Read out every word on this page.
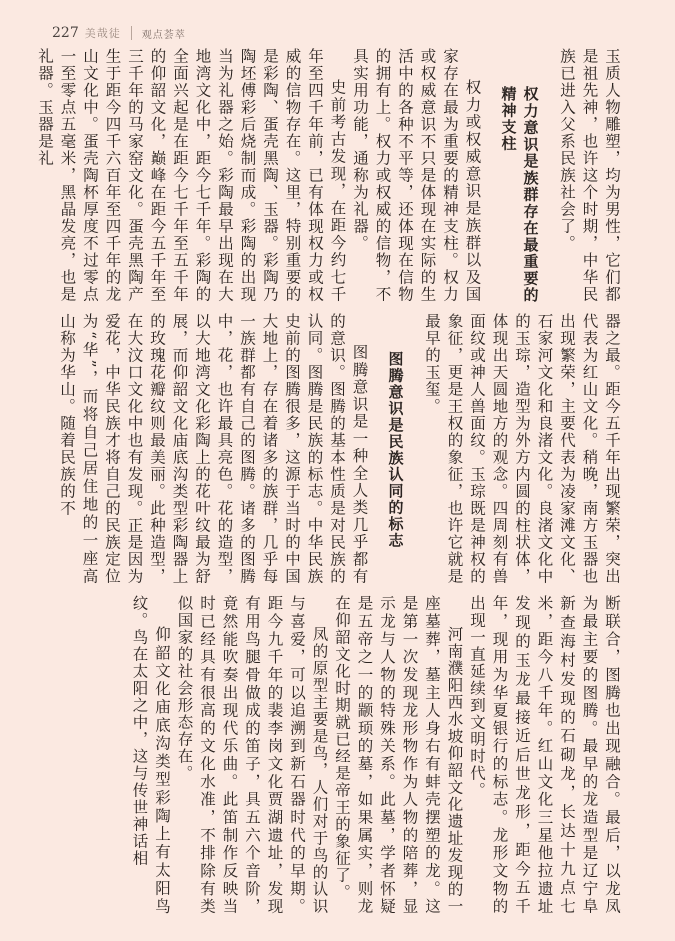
227 美哉徒 观点荟萃

玉质人物雕塑，均为男性，它们都是祖先神，也许这个时期，中华民族已进入父系民族社会了。

权力意识是族群存在最重要的精神支柱

权力或权威意识是族群以及国家存在最为重要的精神支柱。权力或权威意识不只是体现在实际的生活中的各种不平等，还体现在信物的拥有上。权力或权威的信物，不具实用功能，通称为礼器。

史前考古发现，在距今约七千年至四千年前，已有体现权力或权威的信物存在。这里，特别重要的是彩陶、蛋壳黑陶、玉器。彩陶乃陶坯傅彩后烧制而成。彩陶的出现当为礼器之始。彩陶最早出现在大地湾文化中，距今七千年。彩陶的全面兴起是在距今七千年至五千年的仰韶文化，巅峰在距今五千年至三千年的马家窑文化。蛋壳黑陶产生于距今四千六百年至四千年的龙山文化中。蛋壳陶杯厚度不过零点一至零点五毫米，黑晶发亮，也是礼器。玉器是礼

器之最。距今五千年出现繁荣，突出代表为红山文化。稍晚，南方玉器也出现繁荣，主要代表为凌家滩文化、石家河文化和良渚文化。良渚文化中的玉琮，造型为外方内圆的柱状体，体现出天圆地方的观念。四周刻有兽面纹或神人兽面纹。玉琮既是神权的象征，更是王权的象征，也许它就是最早的玉玺。

图腾意识是民族认同的标志

图腾意识是一种全人类几乎都有的意识。图腾的基本性质是对民族的认同。图腾是民族的标志。中华民族史前的图腾很多，这源于当时的中国大地上，存在着诸多的族群，几乎每一族群都有自己的图腾。诸多的图腾中，花，也许最具亮色。花的造型，以大地湾文化彩陶上的花叶纹最为舒展，而仰韶文化庙底沟类型彩陶器上的玫瑰花瓣纹则最美丽。此种造型，在大汶口文化中也有发现。正是因为爱花，中华民族才将自己的民族定位为“华”，而将自己居住地的一座高山称为华山。随着民族的不

断联合，图腾也出现融合。最后，以龙凤为最主要的图腾。最早的龙造型是辽宁阜新查海村发现的石砌龙，长达十九点七米，距今八千年。红山文化三星他拉遗址发现的玉龙最接近后世龙形，距今五千年，现用为华夏银行的标志。龙形文物的出现一直延续到文明时代。

河南濮阳西水坡仰韶文化遗址发现的一座墓葬，墓主人身右有蚌壳摆塑的龙。这是第一次发现龙形物作为人物的陪葬，显示龙与人物的特殊关系。此墓，学者怀疑是五帝之一的颛顼的墓，如果属实，则龙在仰韶文化时期就已经是帝王的象征了。

凤的原型主要是鸟，人们对于鸟的认识与喜爱，可以追溯到新石器时代的早期。距今九千年的裴李岗文化贾湖遗址，发现有用鸟腿骨做成的笛子，具五六个音阶，竟然能吹奏出现代乐曲。此笛制作反映当时已经具有很高的文化水准，不排除有类似国家的社会形态存在。

仰韶文化庙底沟类型彩陶上有太阳鸟纹。鸟在太阳之中，这与传世神话相
